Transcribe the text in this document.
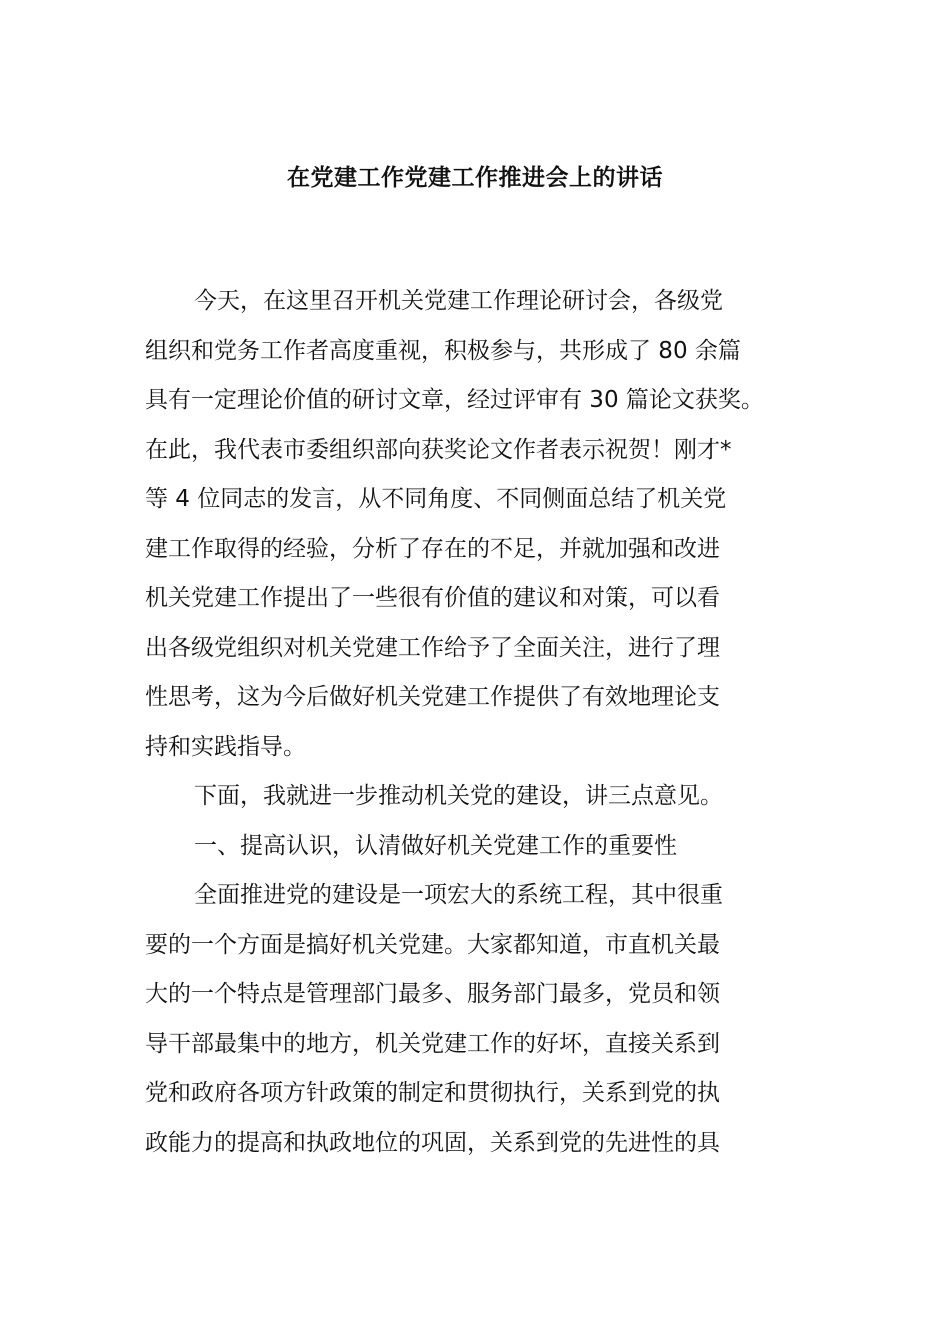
在党建工作党建工作推进会上的讲话

今天，在这里召开机关党建工作理论研讨会，各级党

组织和党务工作者高度重视，积极参与，共形成了 80 余篇

具有一定理论价值的研讨文章，经过评审有 30 篇论文获奖。

在此，我代表市委组织部向获奖论文作者表示祝贺！刚才*

等 4 位同志的发言，从不同角度、不同侧面总结了机关党

建工作取得的经验，分析了存在的不足，并就加强和改进

机关党建工作提出了一些很有价值的建议和对策，可以看

出各级党组织对机关党建工作给予了全面关注，进行了理

性思考，这为今后做好机关党建工作提供了有效地理论支

持和实践指导。

下面，我就进一步推动机关党的建设，讲三点意见。

一、提高认识，认清做好机关党建工作的重要性

全面推进党的建设是一项宏大的系统工程，其中很重

要的一个方面是搞好机关党建。大家都知道，市直机关最

大的一个特点是管理部门最多、服务部门最多，党员和领

导干部最集中的地方，机关党建工作的好坏，直接关系到

党和政府各项方针政策的制定和贯彻执行，关系到党的执

政能力的提高和执政地位的巩固，关系到党的先进性的具
